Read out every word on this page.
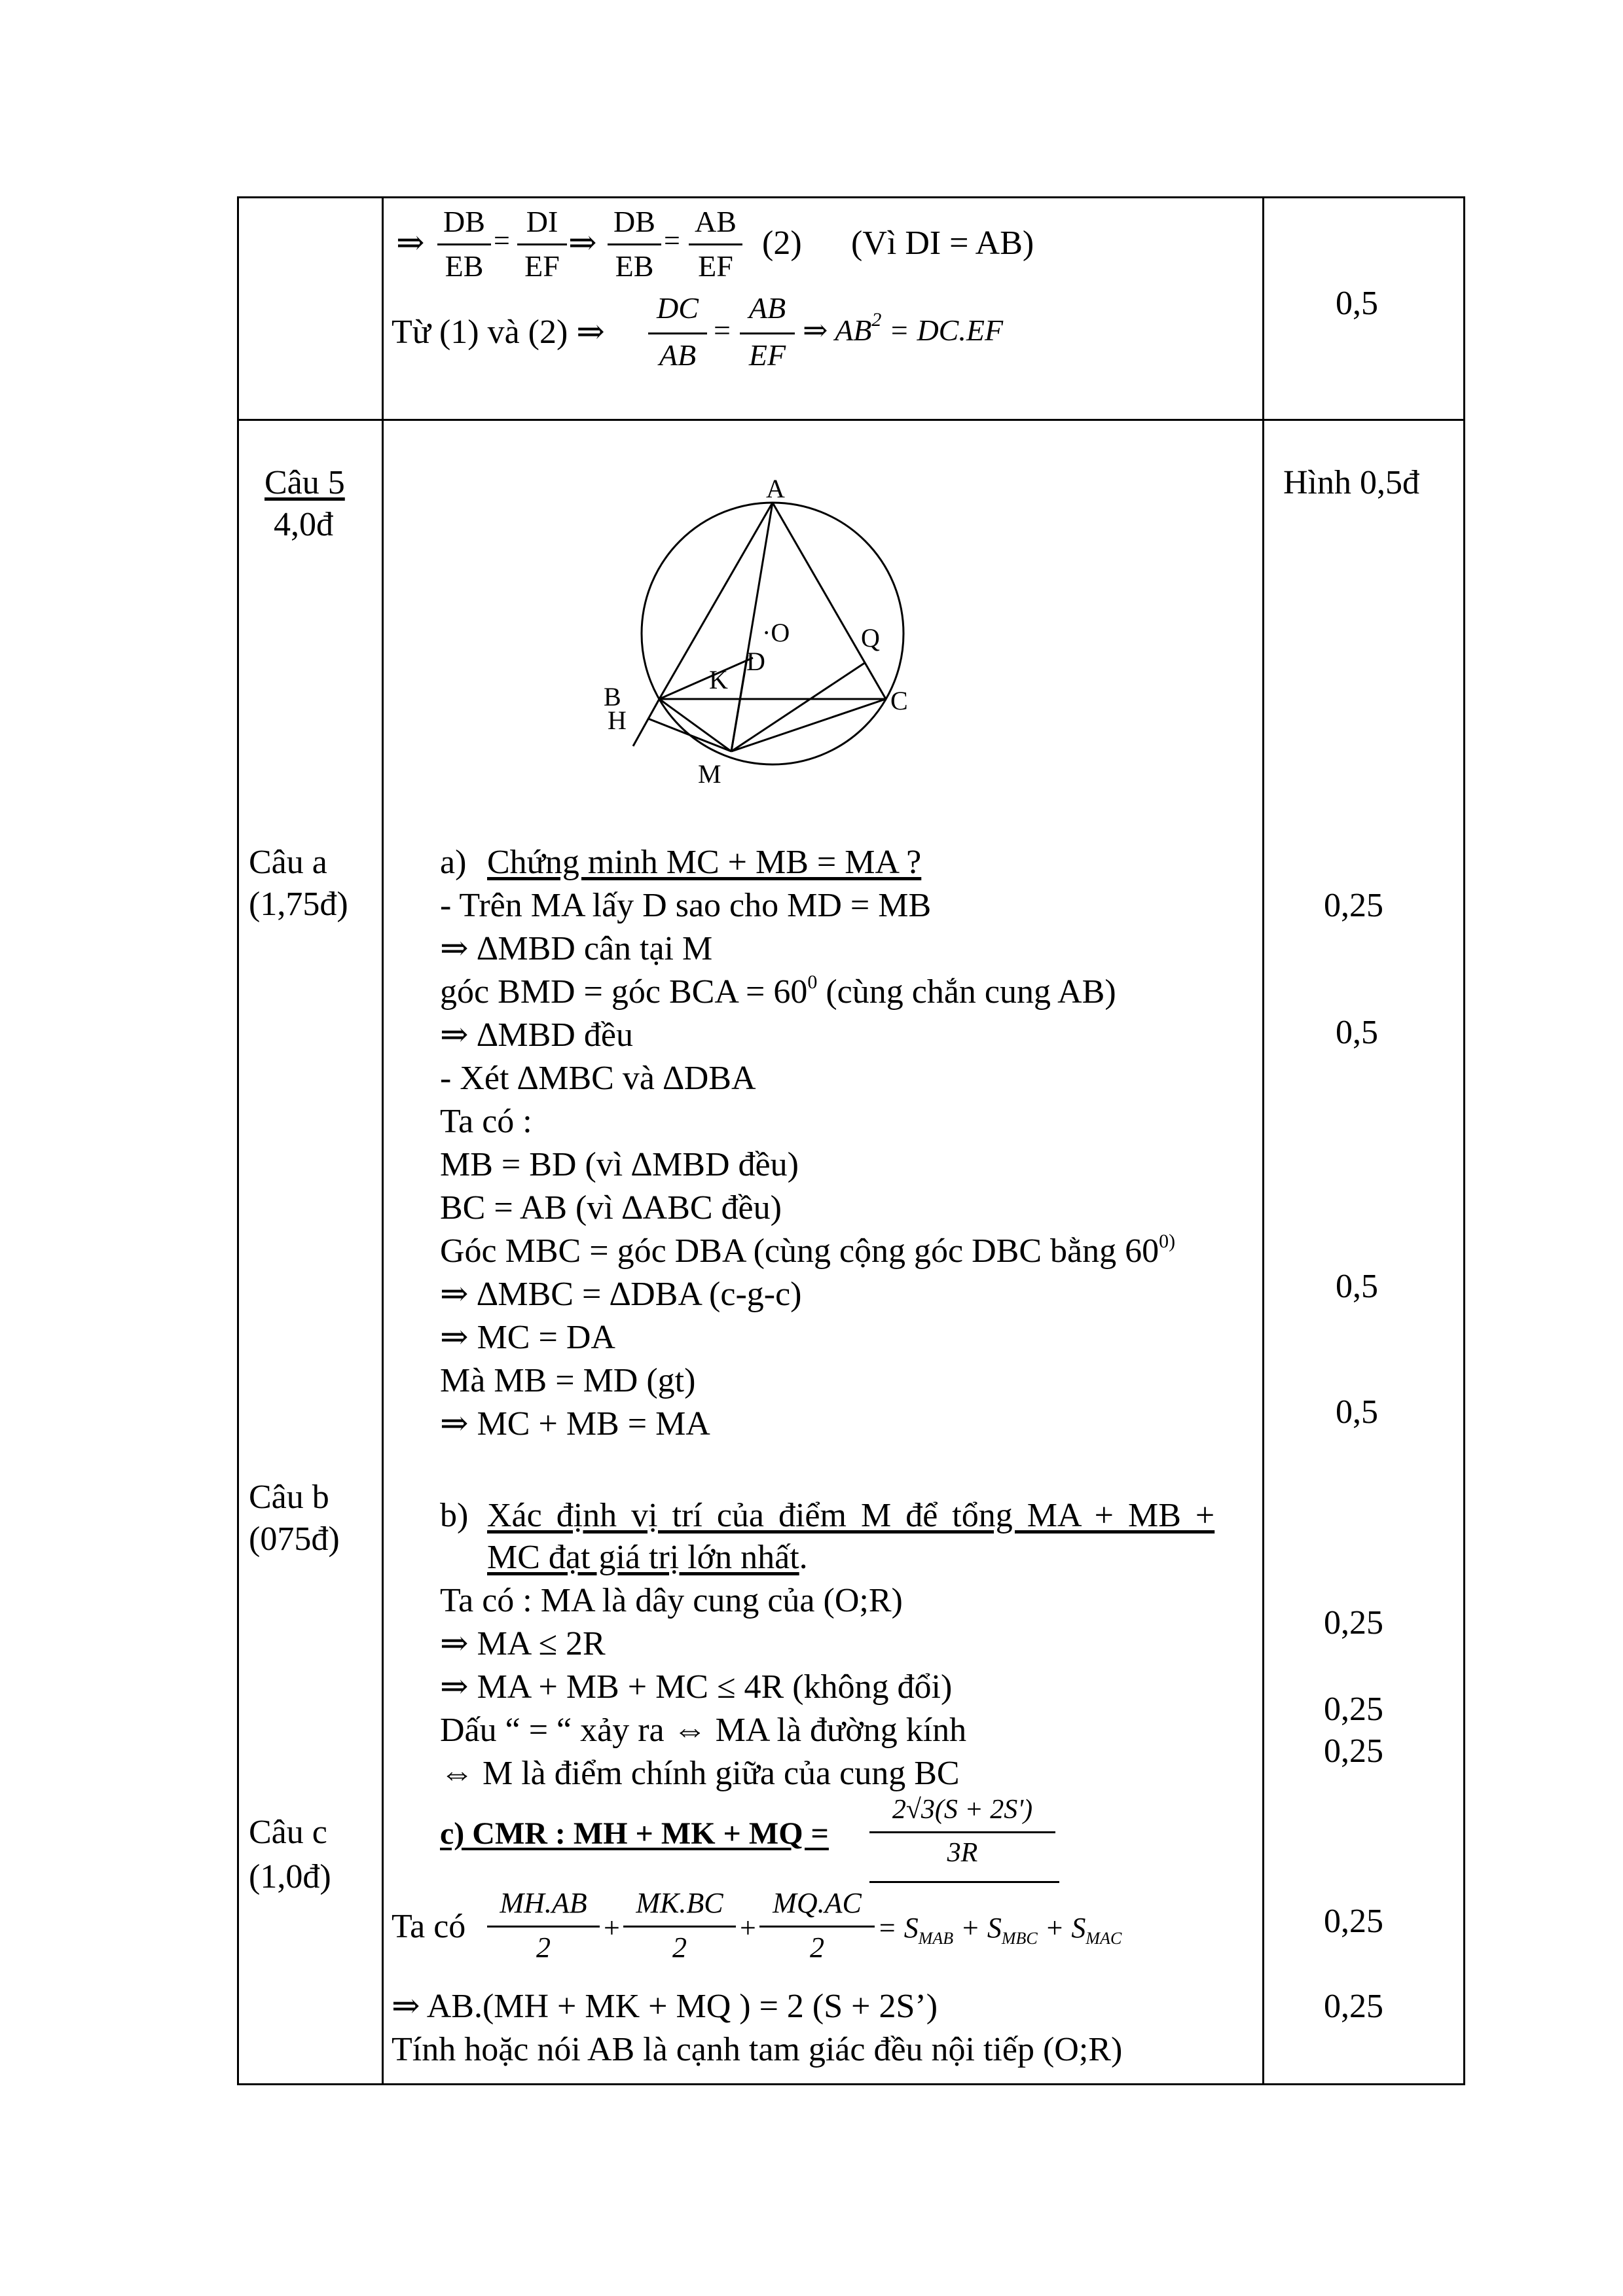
⇒
DB
EB
=
DI
EF
⇒
DB
EB
=
AB
EF
(2) (Vì DI = AB)
Từ (1) và (2) ⇒
DC
AB
=
AB
EF
⇒ $AB^2 = DC.EF$
0,5
Câu 5
4,0đ
Câu a
(1,75đ)
Câu b
(075đ)
Câu c
(1,0đ)
A
·O	Q
D
K
B
H
C
M
a) Chứng minh MC + MB = MA ?
- Trên MA lấy D sao cho MD = MB
⇒ ∆MBD cân tại M
góc BMD = góc BCA = $60^0$ (cùng chắn cung AB)
⇒ ∆MBD đều
- Xét ∆MBC và ∆DBA
Ta có :
MB = BD (vì ∆MBD đều)
BC = AB (vì ∆ABC đều)
Góc MBC = góc DBA (cùng cộng góc DBC bằng 60$^{0)}$
⇒ ∆MBC = ∆DBA (c-g-c)
⇒ MC = DA
Mà MB = MD (gt)
⇒ MC + MB = MA
b) Xác định vị trí của điểm M để tổng MA + MB +
MC đạt giá trị lớn nhất.
Ta có : MA là dây cung của (O;R)
⇒ MA ≤ 2R
⇒ MA + MB + MC ≤ 4R (không đổi)
Dấu “ = “ xảy ra ⇔ MA là đường kính
⇔ M là điểm chính giữa của cung BC
c) CMR : MH + MK + MQ =
2√3(S + 2S')
3R
Ta có
MH.AB
2
+
MK.BC
2
+
MQ.AC
2
= $S_{MAB} + S_{MBC} + S_{MAC}$
⇒ AB.(MH + MK + MQ ) = 2 (S + 2S’)
Tính hoặc nói AB là cạnh tam giác đều nội tiếp (O;R)
Hình 0,5đ
0,25
0,5
0,5
0,5
0,25
0,25
0,25
0,25
0,25
